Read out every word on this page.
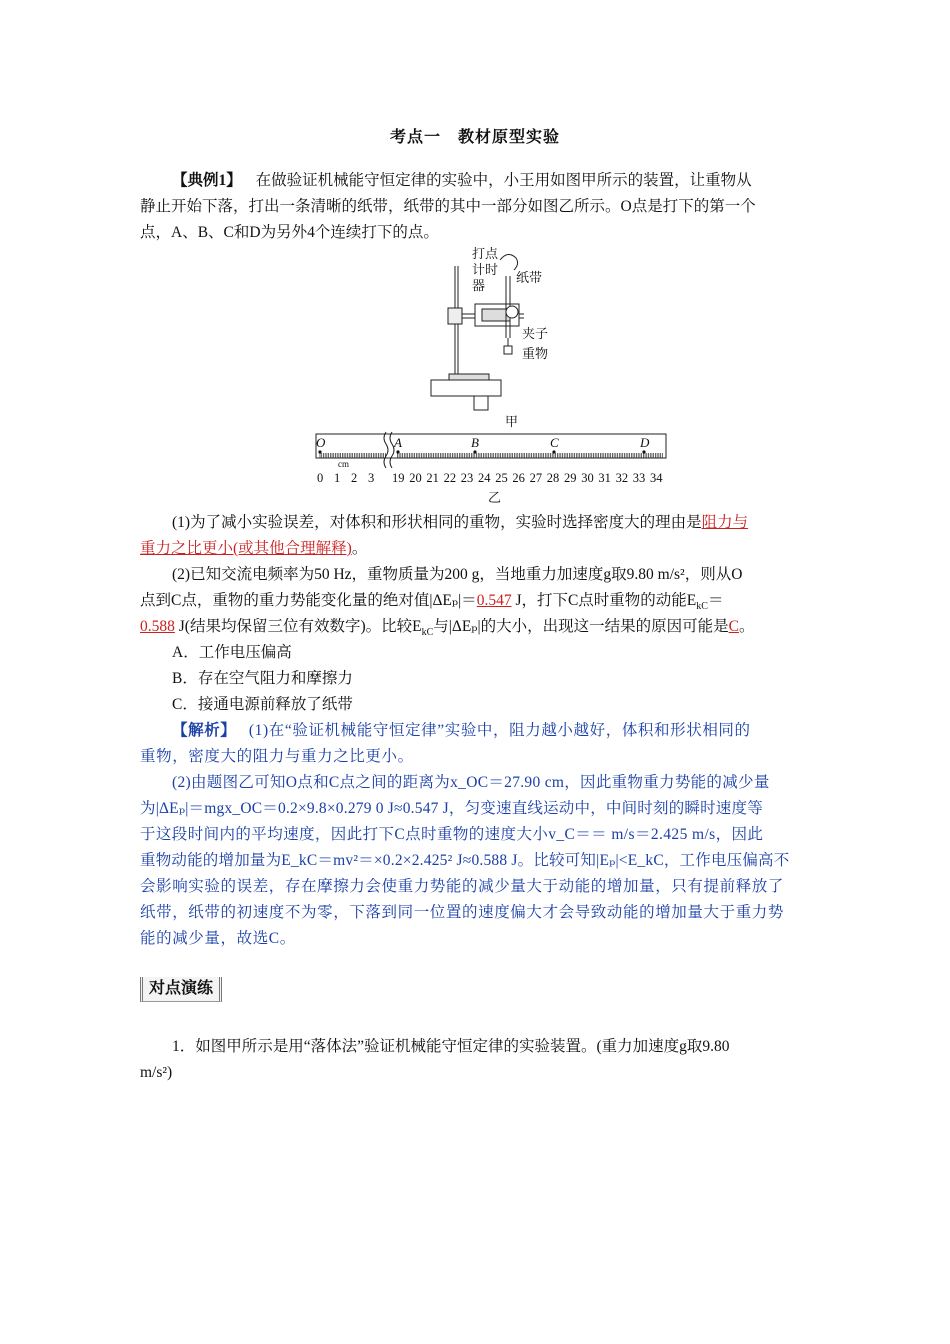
考点一　教材原型实验
【典例1】 在做验证机械能守恒定律的实验中，小王用如图甲所示的装置，让重物从
静止开始下落，打出一条清晰的纸带，纸带的其中一部分如图乙所示。O点是打下的第一个
点，A、B、C和D为另外4个连续打下的点。
打点
计时
器
纸带
夹子
重物
甲
O	A	B	C	D
0 1 2 3 19 20 21 22 23 24 25 26 27 28 29 30 31 32 33 34
cm
乙
(1)为了减小实验误差，对体积和形状相同的重物，实验时选择密度大的理由是阻力与
重力之比更小(或其他合理解释)。
(2)已知交流电频率为50 Hz，重物质量为200 g，当地重力加速度g取9.80 m/s²，则从O
点到C点，重物的重力势能变化量的绝对值|ΔEₚ|＝0.547 J，打下C点时重物的动能$E_{kC}=$
0.588 J(结果均保留三位有效数字)。比较$E_{kC}$与|ΔEₚ|的大小，出现这一结果的原因可能是C。
A．工作电压偏高
B．存在空气阻力和摩擦力
C．接通电源前释放了纸带
【解析】 (1)在“验证机械能守恒定律”实验中，阻力越小越好，体积和形状相同的
重物，密度大的阻力与重力之比更小。
(2)由题图乙可知O点和C点之间的距离为x_OC＝27.90 cm，因此重物重力势能的减少量
为|ΔEₚ|＝mgx_OC＝0.2×9.8×0.279 0 J≈0.547 J，匀变速直线运动中，中间时刻的瞬时速度等
于这段时间内的平均速度，因此打下C点时重物的速度大小v_C＝＝ m/s＝2.425 m/s，因此
重物动能的增加量为E_kC＝mv²＝×0.2×2.425² J≈0.588 J。比较可知|Eₚ|<E_kC，工作电压偏高不
会影响实验的误差，存在摩擦力会使重力势能的减少量大于动能的增加量，只有提前释放了
纸带，纸带的初速度不为零，下落到同一位置的速度偏大才会导致动能的增加量大于重力势
能的减少量，故选C。
对点演练
1．如图甲所示是用“落体法”验证机械能守恒定律的实验装置。(重力加速度g取9.80
m/s²)
